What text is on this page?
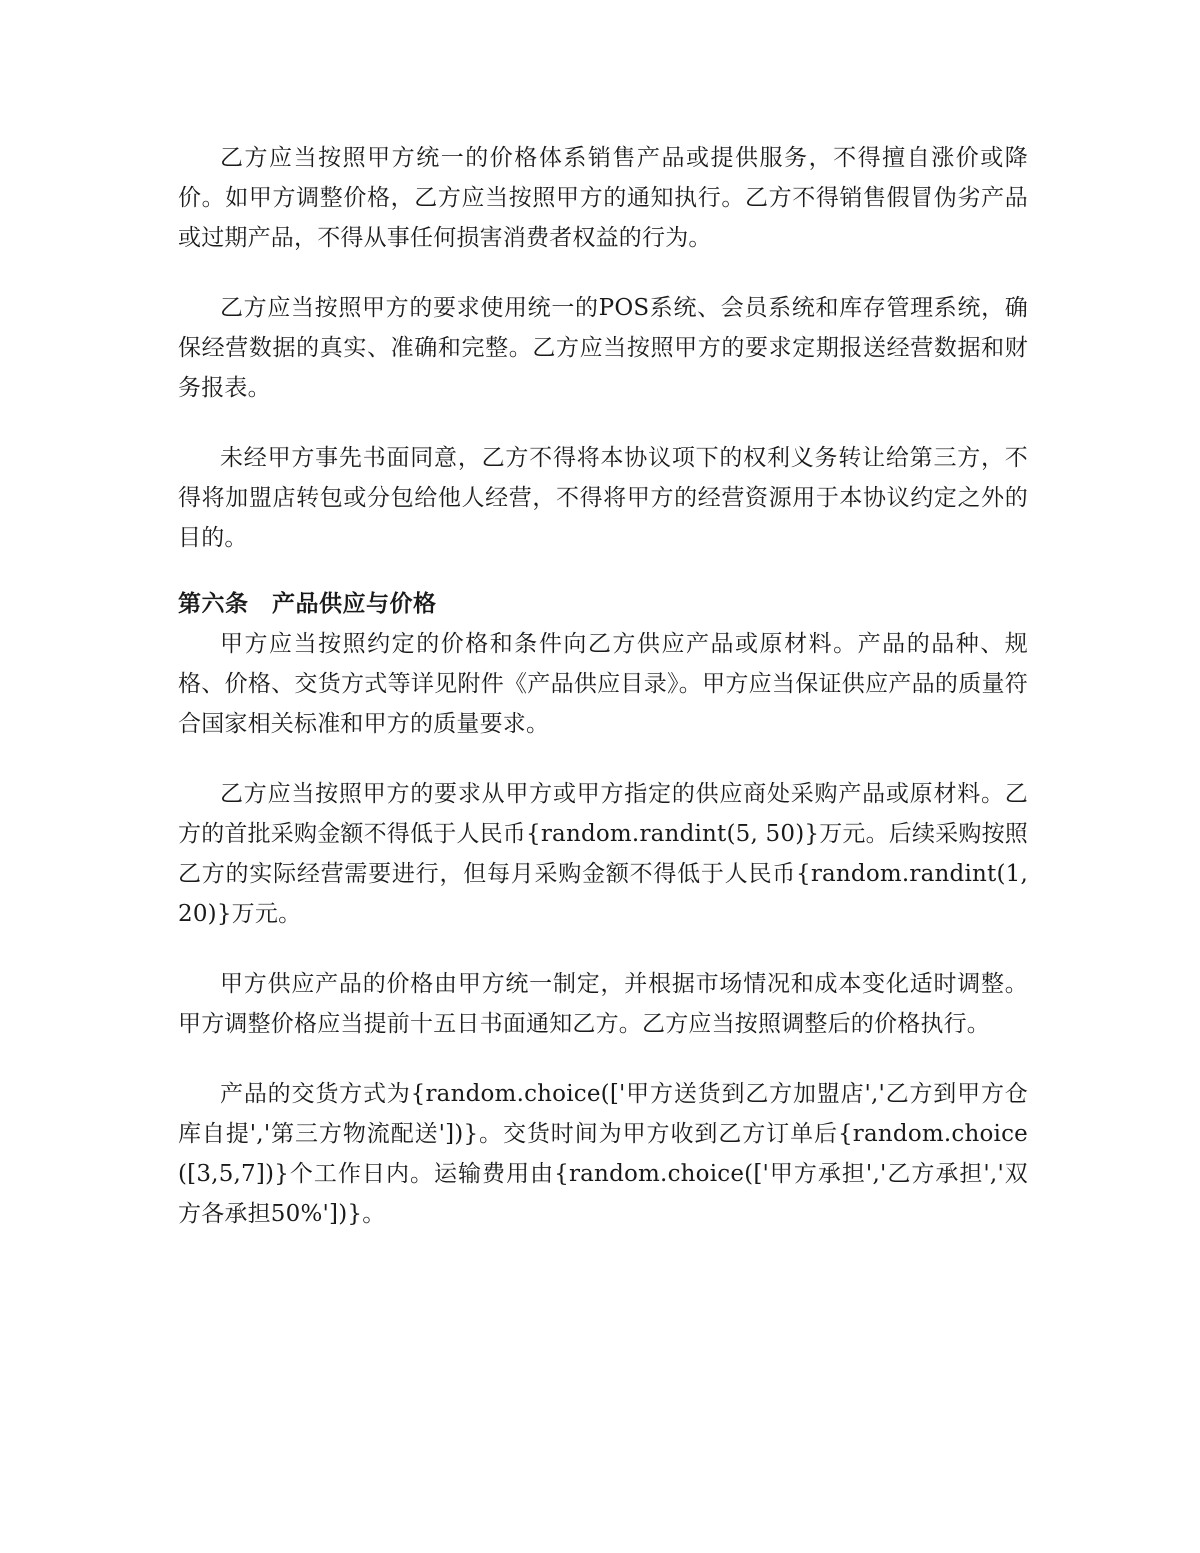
乙方应当按照甲方统一的价格体系销售产品或提供服务，不得擅自涨价或降价。如甲方调整价格，乙方应当按照甲方的通知执行。乙方不得销售假冒伪劣产品或过期产品，不得从事任何损害消费者权益的行为。

乙方应当按照甲方的要求使用统一的POS系统、会员系统和库存管理系统，确保经营数据的真实、准确和完整。乙方应当按照甲方的要求定期报送经营数据和财务报表。

未经甲方事先书面同意，乙方不得将本协议项下的权利义务转让给第三方，不得将加盟店转包或分包给他人经营，不得将甲方的经营资源用于本协议约定之外的目的。

第六条　产品供应与价格

甲方应当按照约定的价格和条件向乙方供应产品或原材料。产品的品种、规格、价格、交货方式等详见附件《产品供应目录》。甲方应当保证供应产品的质量符合国家相关标准和甲方的质量要求。

乙方应当按照甲方的要求从甲方或甲方指定的供应商处采购产品或原材料。乙方的首批采购金额不得低于人民币{random.randint(5, 50)}万元。后续采购按照乙方的实际经营需要进行，但每月采购金额不得低于人民币{random.randint(1, 20)}万元。

甲方供应产品的价格由甲方统一制定，并根据市场情况和成本变化适时调整。甲方调整价格应当提前十五日书面通知乙方。乙方应当按照调整后的价格执行。

产品的交货方式为{random.choice(['甲方送货到乙方加盟店','乙方到甲方仓库自提','第三方物流配送'])}。交货时间为甲方收到乙方订单后{random.choice([3,5,7])}个工作日内。运输费用由{random.choice(['甲方承担','乙方承担','双方各承担50%'])}。
